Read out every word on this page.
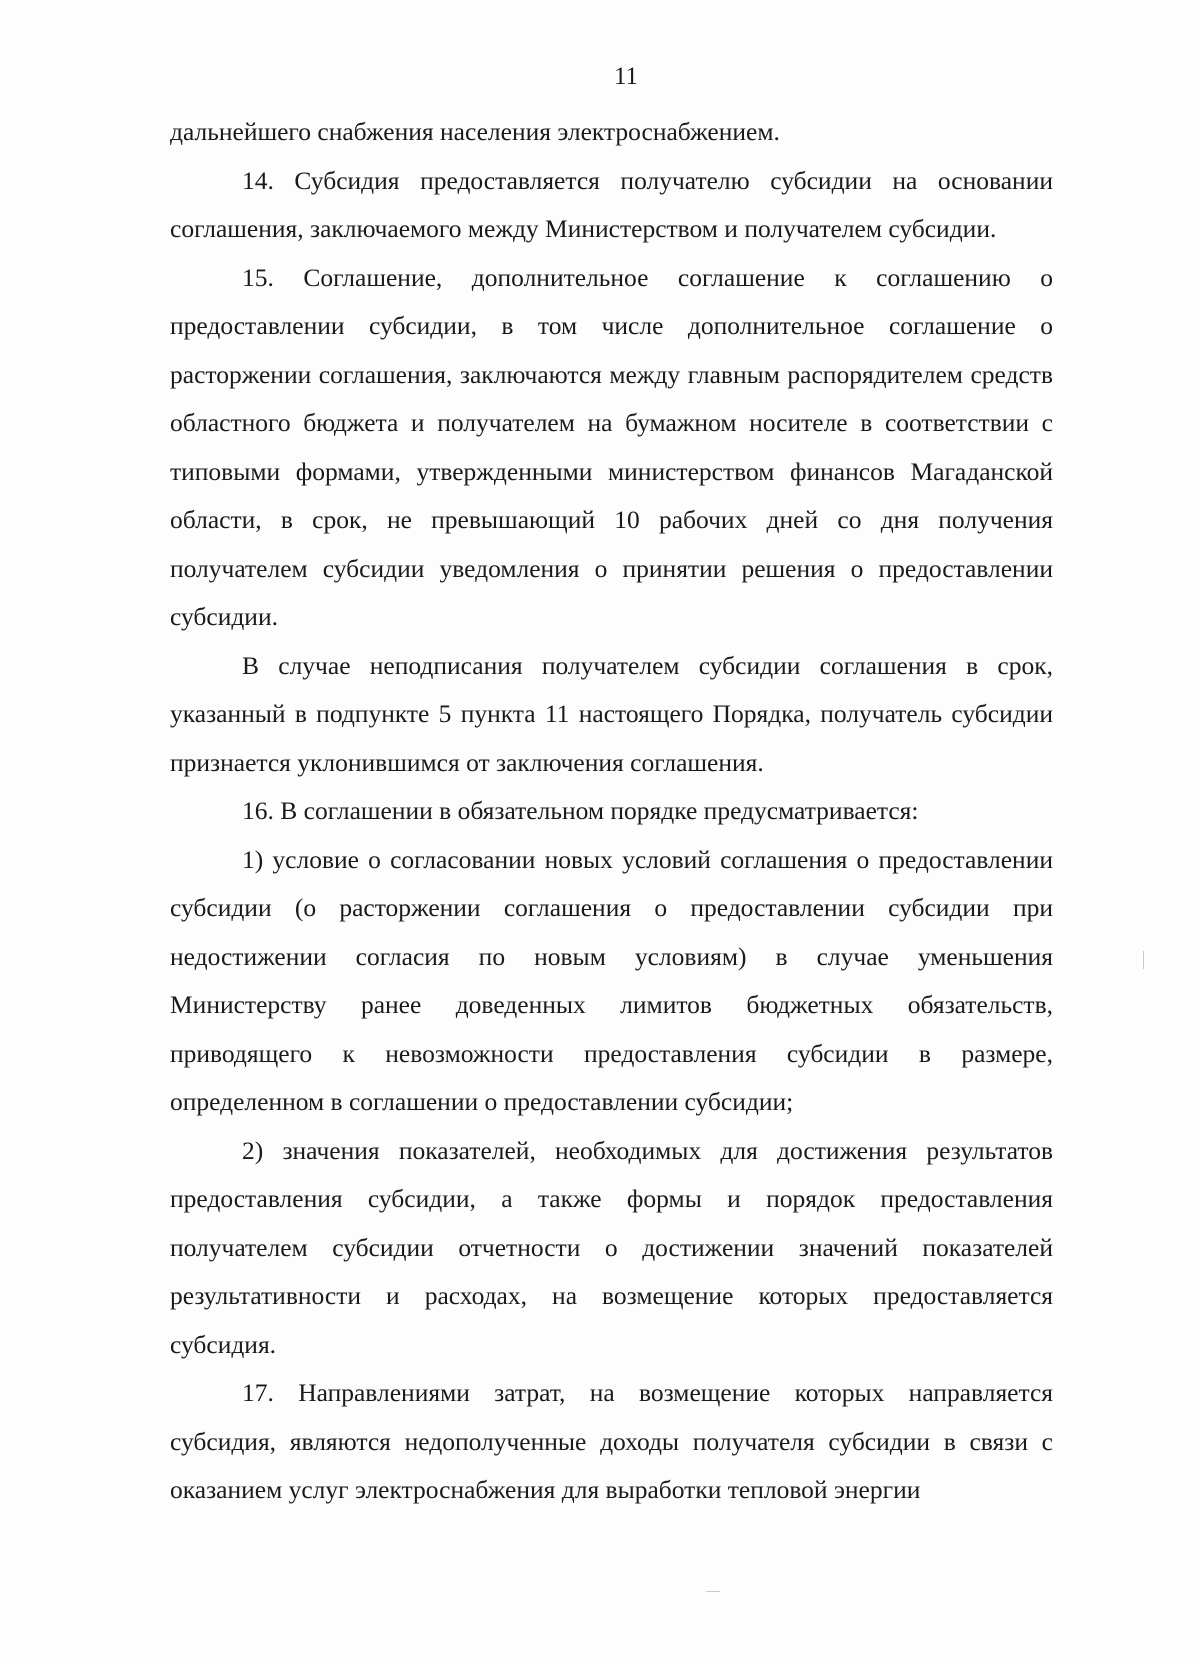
11

дальнейшего снабжения населения электроснабжением.

14. Субсидия предоставляется получателю субсидии на основании соглашения, заключаемого между Министерством и получателем субсидии.

15. Соглашение, дополнительное соглашение к соглашению о предоставлении субсидии, в том числе дополнительное соглашение о расторжении соглашения, заключаются между главным распорядителем средств областного бюджета и получателем на бумажном носителе в соответствии с типовыми формами, утвержденными министерством финансов Магаданской области, в срок, не превышающий 10 рабочих дней со дня получения получателем субсидии уведомления о принятии решения о предоставлении субсидии.

В случае неподписания получателем субсидии соглашения в срок, указанный в подпункте 5 пункта 11 настоящего Порядка, получатель субсидии признается уклонившимся от заключения соглашения.

16. В соглашении в обязательном порядке предусматривается:

1) условие о согласовании новых условий соглашения о предоставлении субсидии (о расторжении соглашения о предоставлении субсидии при недостижении согласия по новым условиям) в случае уменьшения Министерству ранее доведенных лимитов бюджетных обязательств, приводящего к невозможности предоставления субсидии в размере, определенном в соглашении о предоставлении субсидии;

2) значения показателей, необходимых для достижения результатов предоставления субсидии, а также формы и порядок предоставления получателем субсидии отчетности о достижении значений показателей результативности и расходах, на возмещение которых предоставляется субсидия.

17. Направлениями затрат, на возмещение которых направляется субсидия, являются недополученные доходы получателя субсидии в связи с оказанием услуг электроснабжения для выработки тепловой энергии
